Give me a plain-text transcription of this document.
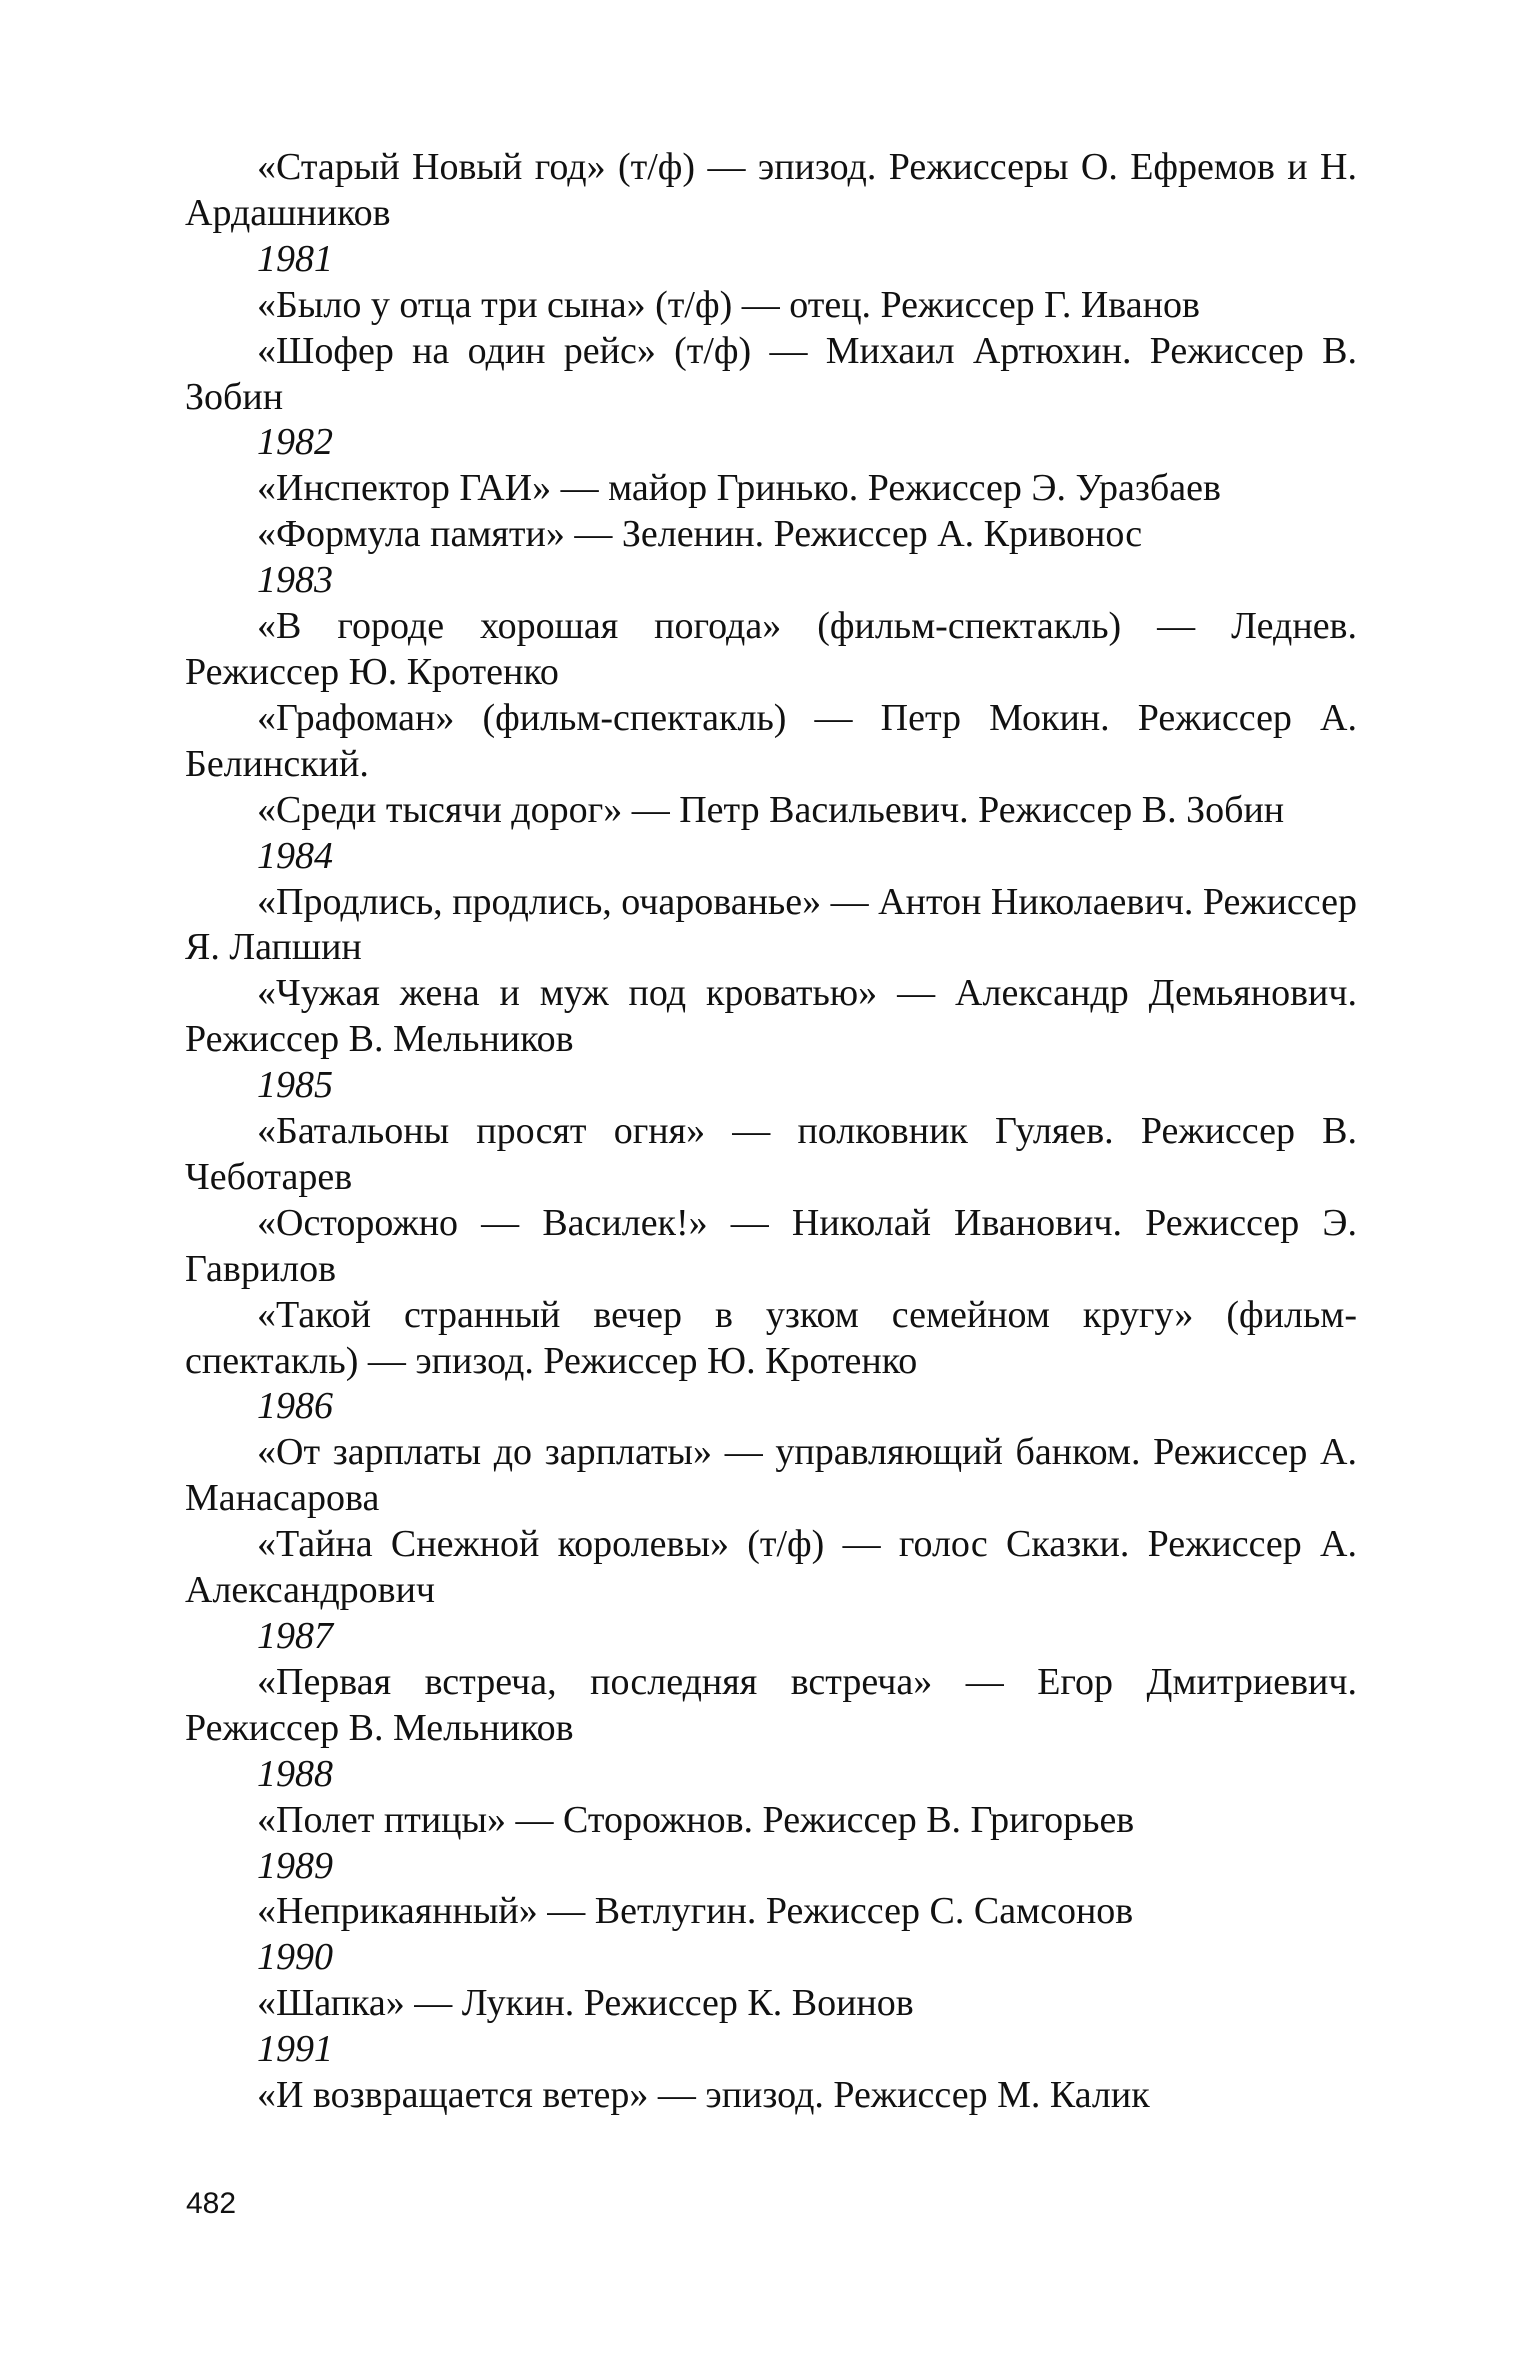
«Старый Новый год» (т/ф) — эпизод. Режиссеры О. Ефремов и Н. Ардашников

1981

«Было у отца три сына» (т/ф) — отец. Режиссер Г. Иванов

«Шофер на один рейс» (т/ф) — Михаил Артюхин. Режиссер В. Зобин

1982

«Инспектор ГАИ» — майор Гринько. Режиссер Э. Уразбаев

«Формула памяти» — Зеленин. Режиссер А. Кривонос

1983

«В городе хорошая погода» (фильм-спектакль) — Леднев. Режиссер Ю. Кротенко

«Графоман» (фильм-спектакль) — Петр Мокин. Режиссер А. Белинский.

«Среди тысячи дорог» — Петр Васильевич. Режиссер В. Зобин

1984

«Продлись, продлись, очарованье» — Антон Николаевич. Режиссер Я. Лапшин

«Чужая жена и муж под кроватью» — Александр Демьянович. Режиссер В. Мельников

1985

«Батальоны просят огня» — полковник Гуляев. Режиссер В. Чеботарев

«Осторожно — Василек!» — Николай Иванович. Режиссер Э. Гаврилов

«Такой странный вечер в узком семейном кругу» (фильм-спектакль) — эпизод. Режиссер Ю. Кротенко

1986

«От зарплаты до зарплаты» — управляющий банком. Режиссер А. Манасарова

«Тайна Снежной королевы» (т/ф) — голос Сказки. Режиссер А. Александрович

1987

«Первая встреча, последняя встреча» — Егор Дмитриевич. Режиссер В. Мельников

1988

«Полет птицы» — Сторожнов. Режиссер В. Григорьев

1989

«Неприкаянный» — Ветлугин. Режиссер С. Самсонов

1990

«Шапка» — Лукин. Режиссер К. Воинов

1991

«И возвращается ветер» — эпизод. Режиссер М. Калик

482
